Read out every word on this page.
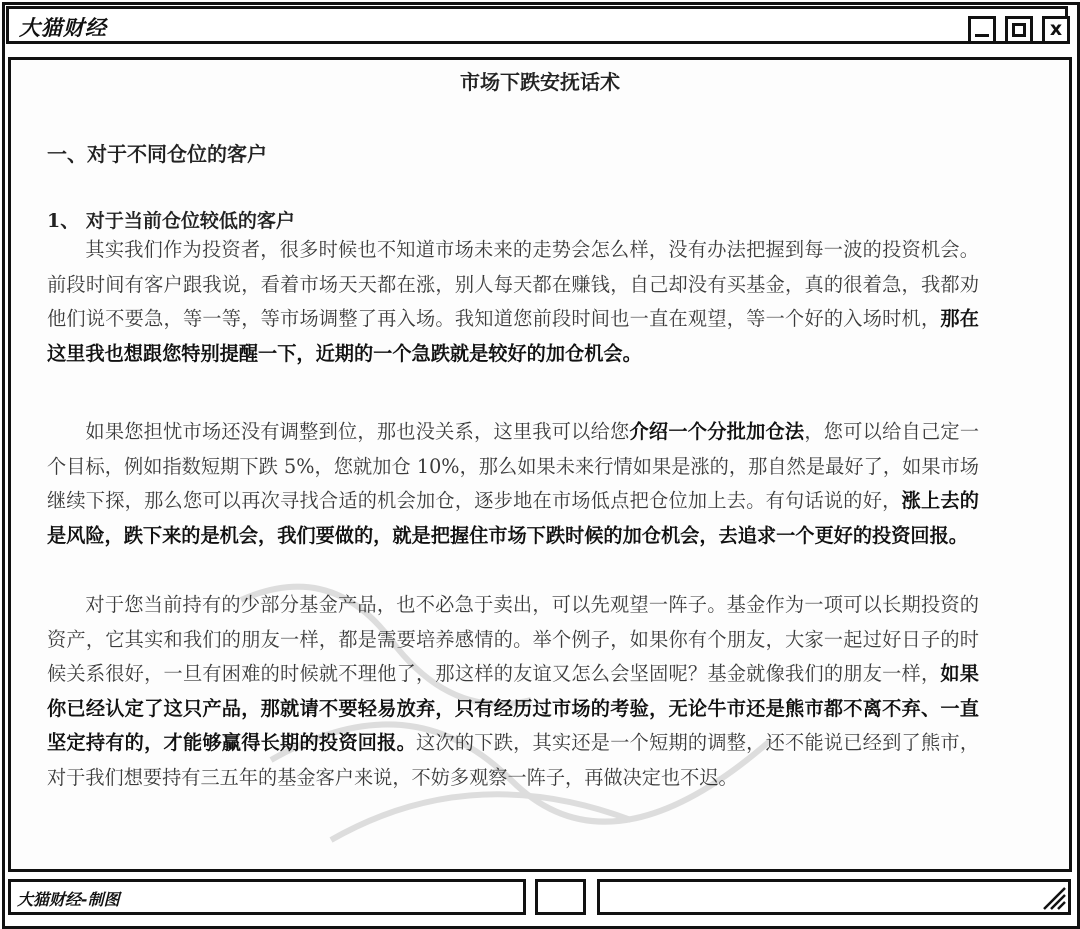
大猫财经	x
市场下跌安抚话术
一、对于不同仓位的客户
1、 对于当前仓位较低的客户

其实我们作为投资者，很多时候也不知道市场未来的走势会怎么样，没有办法把握到每一波的投资机会。前段时间有客户跟我说，看着市场天天都在涨，别人每天都在赚钱，自己却没有买基金，真的很着急，我都劝他们说不要急，等一等，等市场调整了再入场。我知道您前段时间也一直在观望，等一个好的入场时机，那在这里我也想跟您特别提醒一下，近期的一个急跌就是较好的加仓机会。

如果您担忧市场还没有调整到位，那也没关系，这里我可以给您介绍一个分批加仓法，您可以给自己定一个目标，例如指数短期下跌 5%，您就加仓 10%，那么如果未来行情如果是涨的，那自然是最好了，如果市场继续下探，那么您可以再次寻找合适的机会加仓，逐步地在市场低点把仓位加上去。有句话说的好，涨上去的是风险，跌下来的是机会，我们要做的，就是把握住市场下跌时候的加仓机会，去追求一个更好的投资回报。

对于您当前持有的少部分基金产品，也不必急于卖出，可以先观望一阵子。基金作为一项可以长期投资的资产，它其实和我们的朋友一样，都是需要培养感情的。举个例子，如果你有个朋友，大家一起过好日子的时候关系很好，一旦有困难的时候就不理他了，那这样的友谊又怎么会坚固呢？基金就像我们的朋友一样，如果你已经认定了这只产品，那就请不要轻易放弃，只有经历过市场的考验，无论牛市还是熊市都不离不弃、一直坚定持有的，才能够赢得长期的投资回报。这次的下跌，其实还是一个短期的调整，还不能说已经到了熊市，对于我们想要持有三五年的基金客户来说，不妨多观察一阵子，再做决定也不迟。

大猫财经-制图
